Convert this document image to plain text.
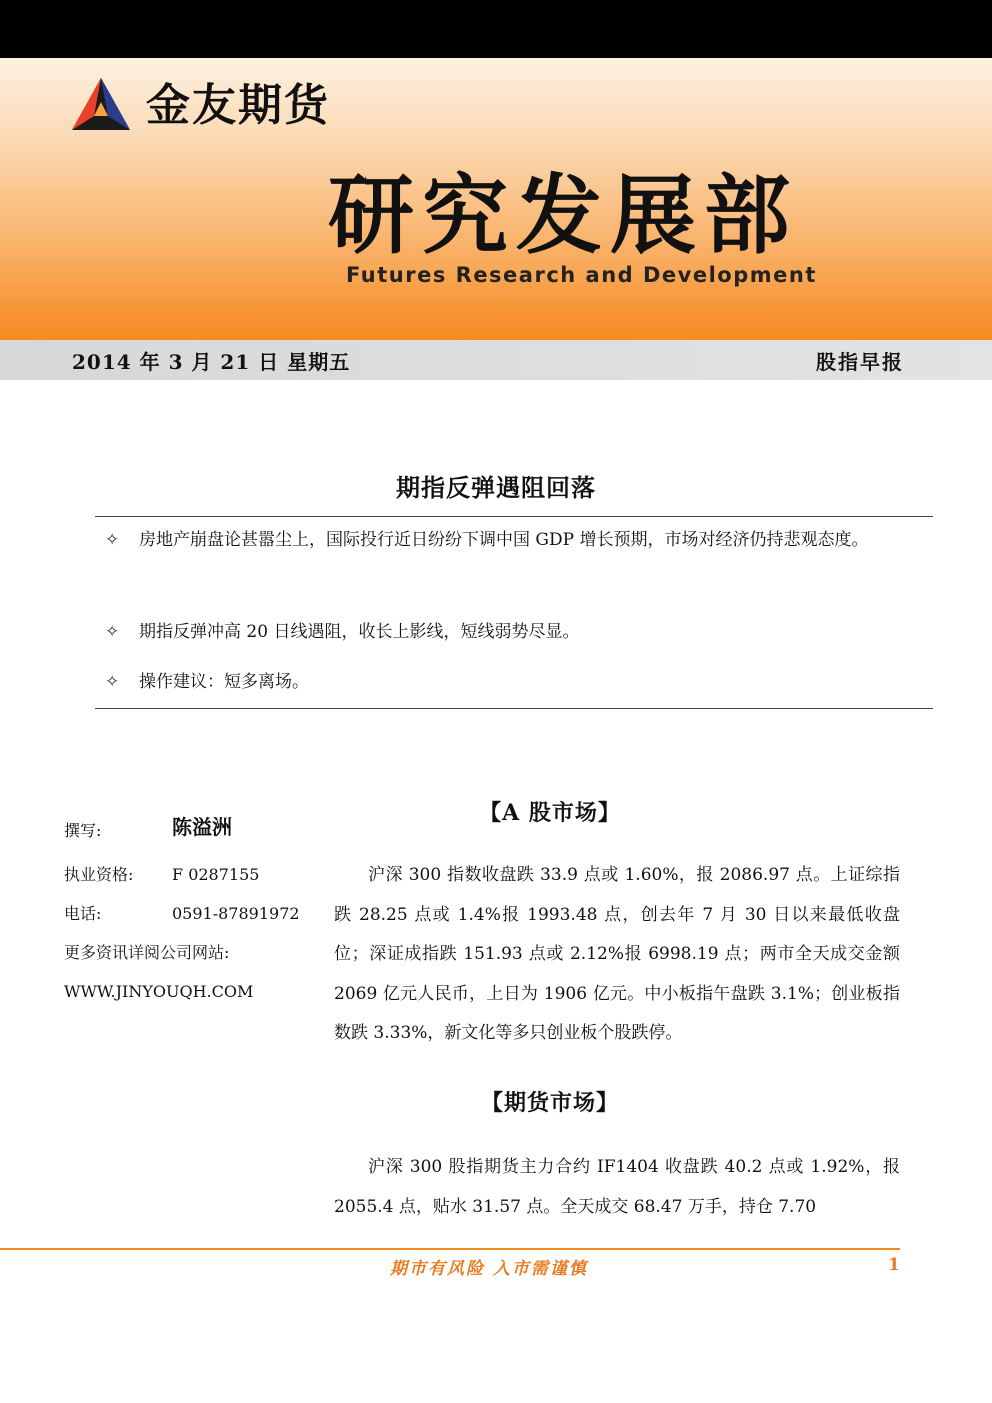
金友期货
研究发展部
Futures Research and Development
2014 年 3 月 21 日 星期五	股指早报
期指反弹遇阻回落
✧	房地产崩盘论甚嚣尘上，国际投行近日纷纷下调中国 GDP 增长预期，市场对经济仍持悲观态度。
✧	期指反弹冲高 20 日线遇阻，收长上影线，短线弱势尽显。
✧	操作建议：短多离场。
撰写:	陈溢洲
执业资格: F 0287155
电话:	0591-87891972
更多资讯详阅公司网站:
WWW.JINYOUQH.COM
【A 股市场】
沪深 300 指数收盘跌 33.9 点或 1.60%，报 2086.97 点。上证综指跌 28.25 点或 1.4%报 1993.48 点，创去年 7 月 30 日以来最低收盘位；深证成指跌 151.93 点或 2.12%报 6998.19 点；两市全天成交金额 2069 亿元人民币，上日为 1906 亿元。中小板指午盘跌 3.1%；创业板指数跌 3.33%，新文化等多只创业板个股跌停。
【期货市场】
沪深 300 股指期货主力合约 IF1404 收盘跌 40.2 点或 1.92%，报 2055.4 点，贴水 31.57 点。全天成交 68.47 万手，持仓 7.70
期市有风险 入市需谨慎	1
